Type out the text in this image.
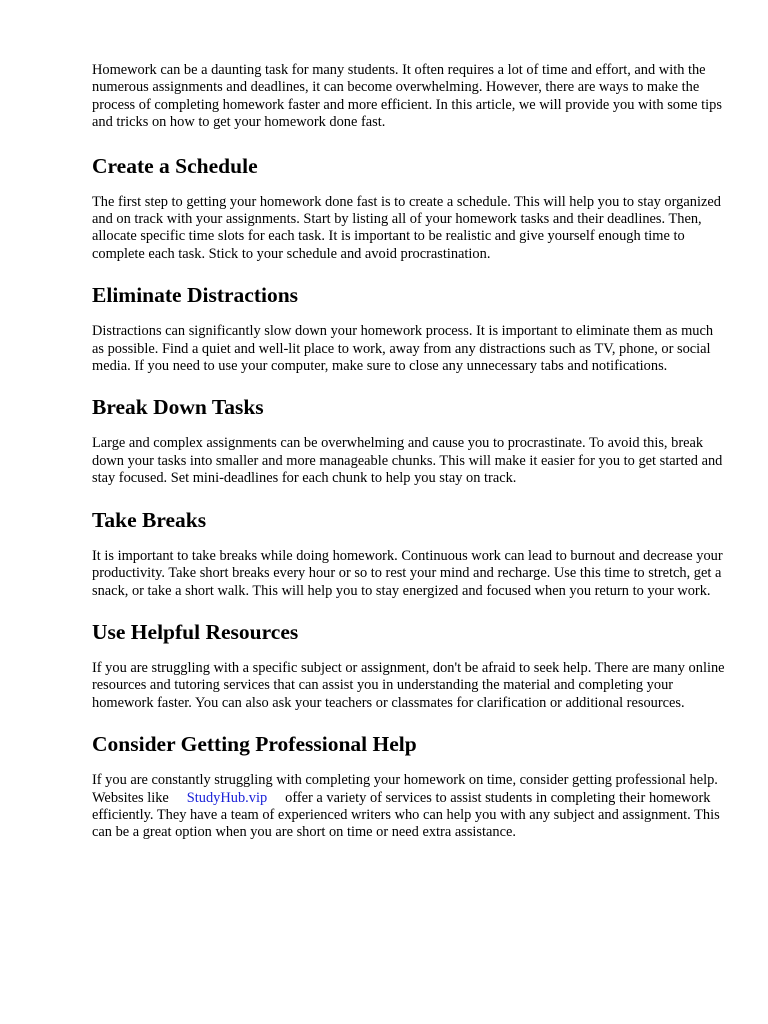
Homework can be a daunting task for many students. It often requires a lot of time and effort, and with the numerous assignments and deadlines, it can become overwhelming. However, there are ways to make the process of completing homework faster and more efficient. In this article, we will provide you with some tips and tricks on how to get your homework done fast.

Create a Schedule

The first step to getting your homework done fast is to create a schedule. This will help you to stay organized and on track with your assignments. Start by listing all of your homework tasks and their deadlines. Then, allocate specific time slots for each task. It is important to be realistic and give yourself enough time to complete each task. Stick to your schedule and avoid procrastination.

Eliminate Distractions

Distractions can significantly slow down your homework process. It is important to eliminate them as much as possible. Find a quiet and well-lit place to work, away from any distractions such as TV, phone, or social media. If you need to use your computer, make sure to close any unnecessary tabs and notifications.

Break Down Tasks

Large and complex assignments can be overwhelming and cause you to procrastinate. To avoid this, break down your tasks into smaller and more manageable chunks. This will make it easier for you to get started and stay focused. Set mini-deadlines for each chunk to help you stay on track.

Take Breaks

It is important to take breaks while doing homework. Continuous work can lead to burnout and decrease your productivity. Take short breaks every hour or so to rest your mind and recharge. Use this time to stretch, get a snack, or take a short walk. This will help you to stay energized and focused when you return to your work.

Use Helpful Resources

If you are struggling with a specific subject or assignment, don't be afraid to seek help. There are many online resources and tutoring services that can assist you in understanding the material and completing your homework faster. You can also ask your teachers or classmates for clarification or additional resources.

Consider Getting Professional Help

If you are constantly struggling with completing your homework on time, consider getting professional help. Websites like StudyHub.vip offer a variety of services to assist students in completing their homework efficiently. They have a team of experienced writers who can help you with any subject and assignment. This can be a great option when you are short on time or need extra assistance.
